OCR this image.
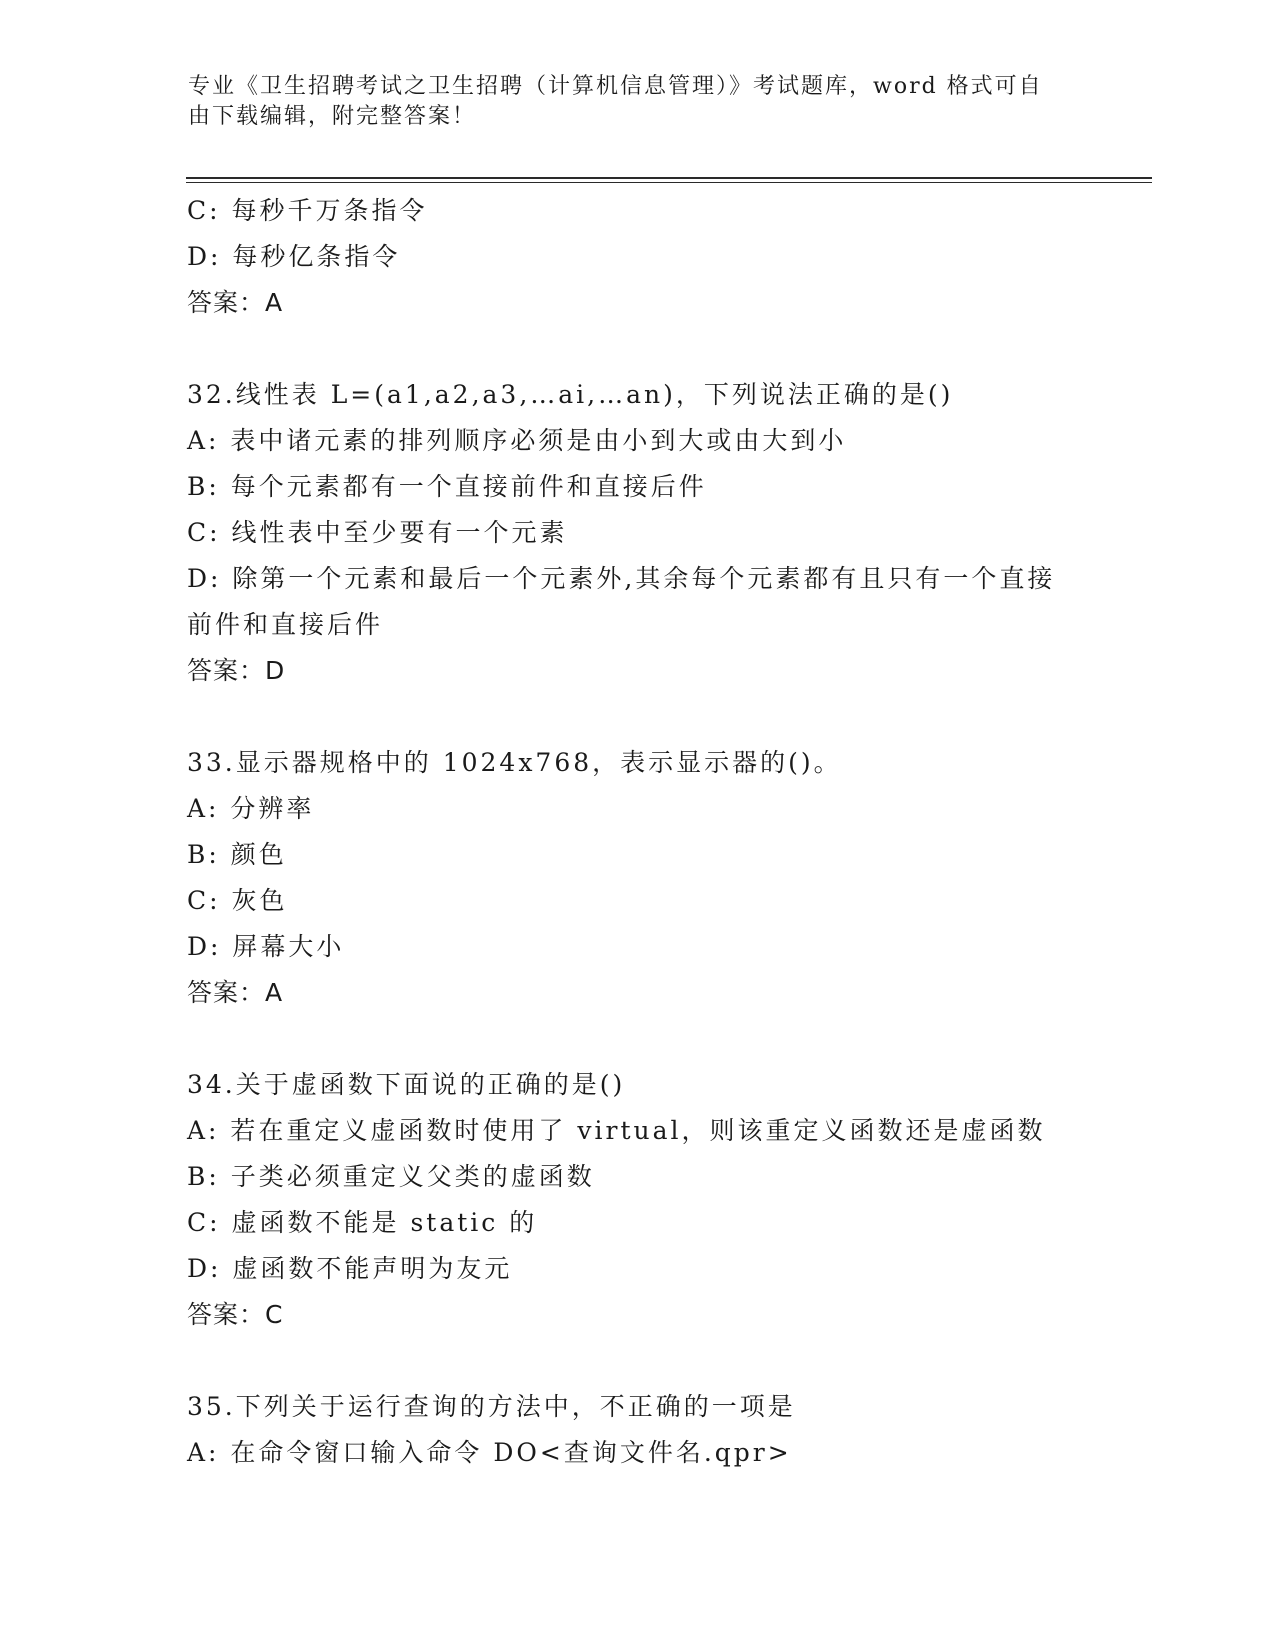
专业《卫生招聘考试之卫生招聘（计算机信息管理）》考试题库，word 格式可自

由下载编辑，附完整答案！

C: 每秒千万条指令

D: 每秒亿条指令

答案：A

32.线性表 L=(a1,a2,a3,…ai,…an)，下列说法正确的是()

A: 表中诸元素的排列顺序必须是由小到大或由大到小

B: 每个元素都有一个直接前件和直接后件

C: 线性表中至少要有一个元素

D: 除第一个元素和最后一个元素外,其余每个元素都有且只有一个直接前件和直接后件

答案：D

33.显示器规格中的 1024x768，表示显示器的()。

A: 分辨率

B: 颜色

C: 灰色

D: 屏幕大小

答案：A

34.关于虚函数下面说的正确的是()

A: 若在重定义虚函数时使用了 virtual，则该重定义函数还是虚函数

B: 子类必须重定义父类的虚函数

C: 虚函数不能是 static 的

D: 虚函数不能声明为友元

答案：C

35.下列关于运行查询的方法中，不正确的一项是

A: 在命令窗口输入命令 DO<查询文件名.qpr>
